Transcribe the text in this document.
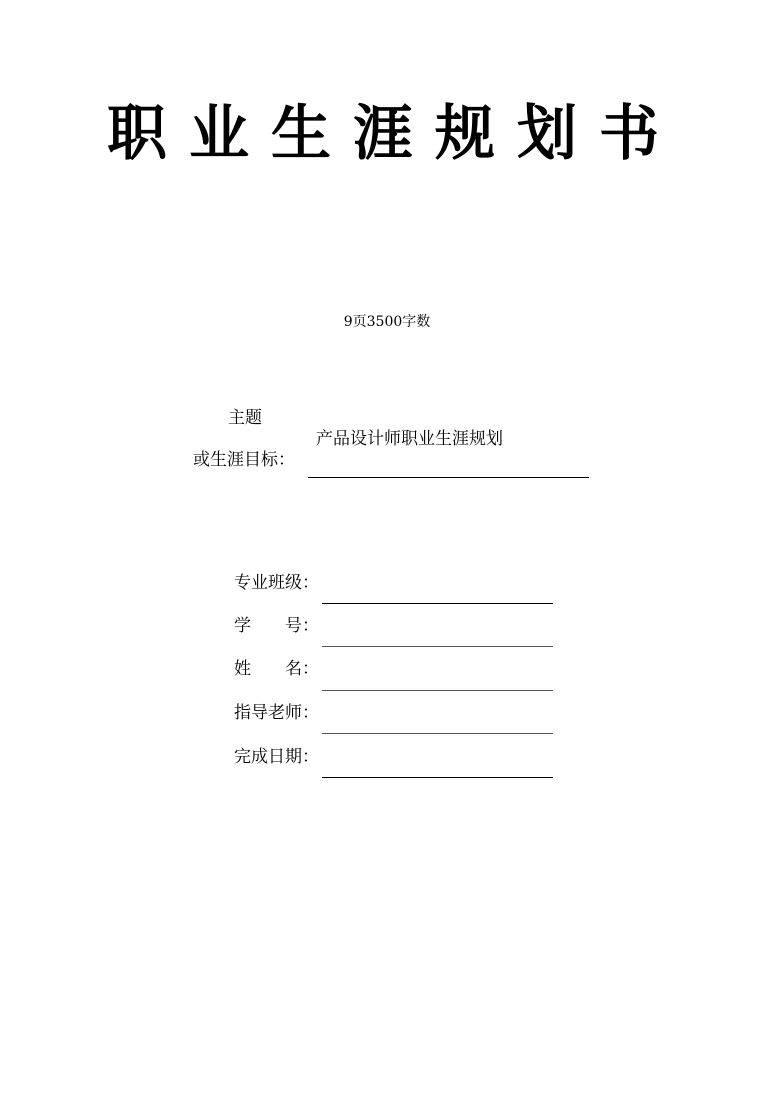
职业生涯规划书
9页3500字数
主题
或生涯目标：
产品设计师职业生涯规划
专业班级：
学　　号：
姓　　名：
指导老师：
完成日期：
